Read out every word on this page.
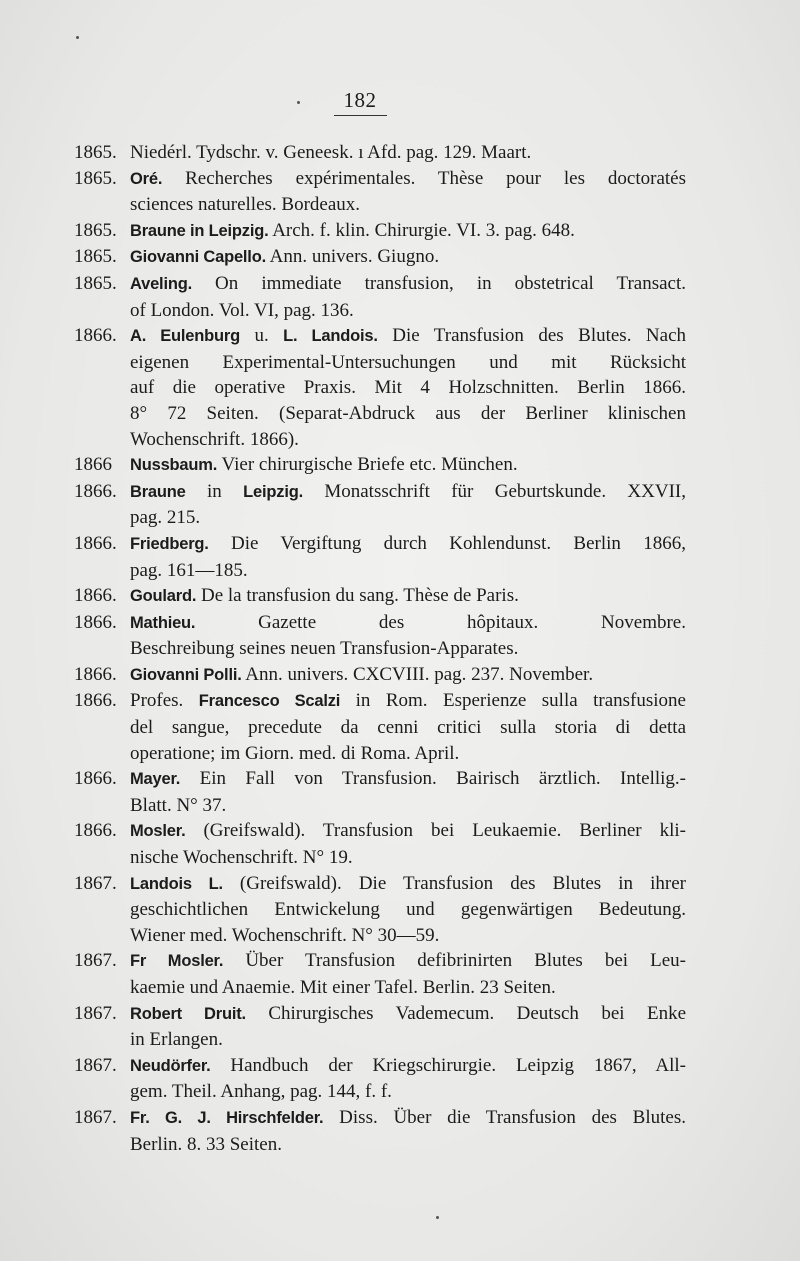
182
1865. Niedérl. Tydschr. v. Geneesk. ı Afd. pag. 129. Maart.
1865. Oré. Recherches expérimentales. Thèse pour les doctoratés
sciences naturelles. Bordeaux.
1865. Braune in Leipzig. Arch. f. klin. Chirurgie. VI. 3. pag. 648.
1865. Giovanni Capello. Ann. univers. Giugno.
1865. Aveling. On immediate transfusion, in obstetrical Transact.
of London. Vol. VI, pag. 136.
1866. A. Eulenburg u. L. Landois. Die Transfusion des Blutes. Nach
eigenen Experimental-Untersuchungen und mit Rücksicht
auf die operative Praxis. Mit 4 Holzschnitten. Berlin 1866.
8° 72 Seiten. (Separat-Abdruck aus der Berliner klinischen
Wochenschrift. 1866).
1866	Nussbaum. Vier chirurgische Briefe etc. München.
1866. Braune in Leipzig. Monatsschrift für Geburtskunde. XXVII,
pag. 215.
1866. Friedberg. Die Vergiftung durch Kohlendunst. Berlin 1866,
pag. 161—185.
1866. Goulard. De la transfusion du sang. Thèse de Paris.
1866. Mathieu. Gazette des hôpitaux. Novembre.
Beschreibung seines neuen Transfusion-Apparates.
1866. Giovanni Polli. Ann. univers. CXCVIII. pag. 237. November.
1866. Profes. Francesco Scalzi in Rom. Esperienze sulla transfusione
del sangue, precedute da cenni critici sulla storia di detta
operatione; im Giorn. med. di Roma. April.
1866. Mayer. Ein Fall von Transfusion. Bairisch ärztlich. Intellig.-
Blatt. N° 37.
1866. Mosler. (Greifswald). Transfusion bei Leukaemie. Berliner kli-
nische Wochenschrift. N° 19.
1867. Landois L. (Greifswald). Die Transfusion des Blutes in ihrer
geschichtlichen Entwickelung und gegenwärtigen Bedeutung.
Wiener med. Wochenschrift. N° 30—59.
1867. Fr Mosler. Über Transfusion defibrinirten Blutes bei Leu-
kaemie und Anaemie. Mit einer Tafel. Berlin. 23 Seiten.
1867. Robert Druit. Chirurgisches Vademecum. Deutsch bei Enke
in Erlangen.
1867. Neudörfer. Handbuch der Kriegschirurgie. Leipzig 1867, All-
gem. Theil. Anhang, pag. 144, f. f.
1867. Fr. G. J. Hirschfelder. Diss. Über die Transfusion des Blutes.
Berlin. 8. 33 Seiten.
